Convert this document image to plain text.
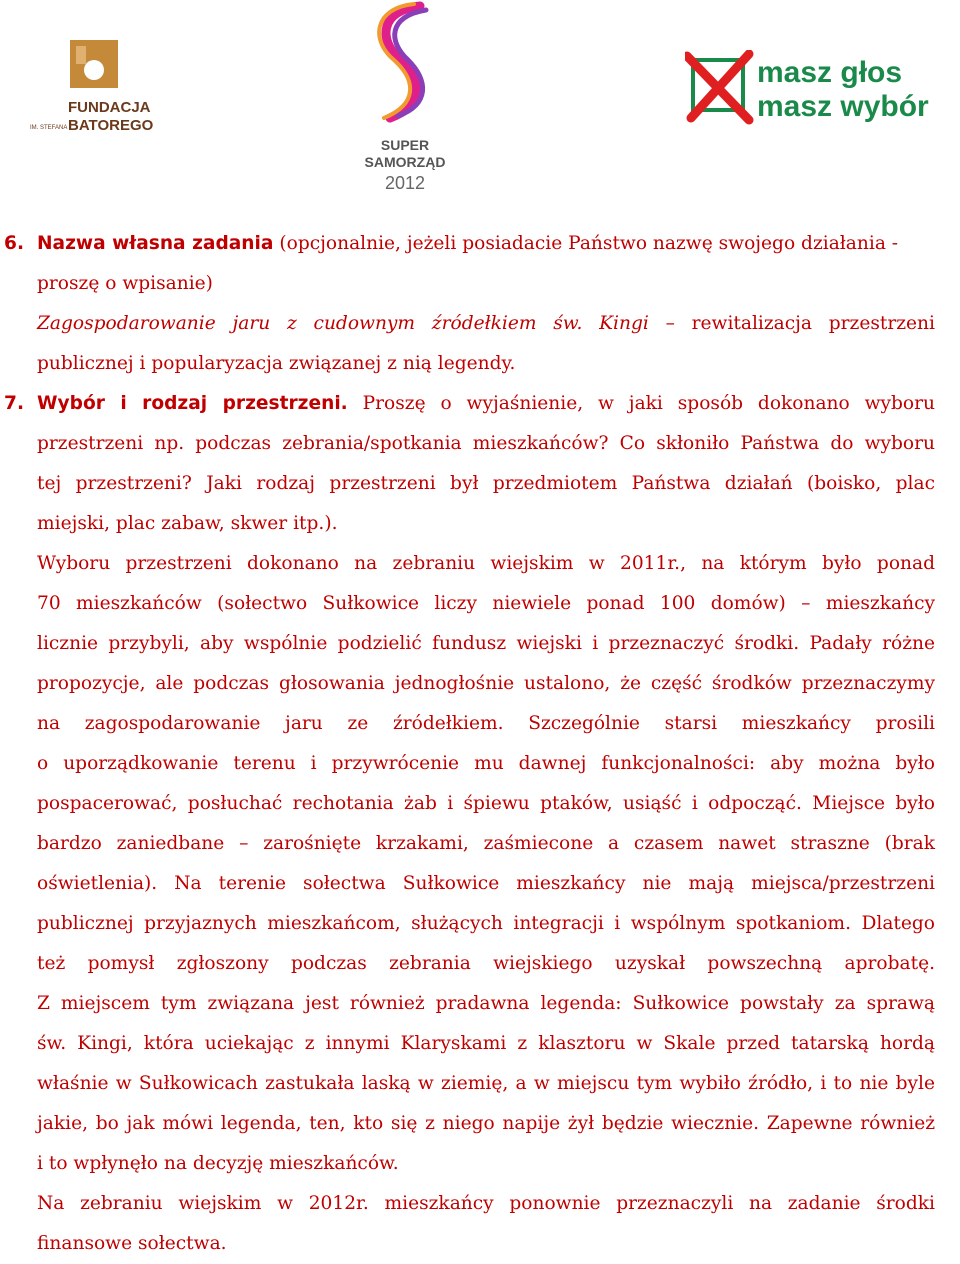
FUNDACJA
BATOREGO
IM. STEFANA
SUPER
SAMORZĄD
2012
masz głos
masz wybór
6. Nazwa własna zadania (opcjonalnie, jeżeli posiadacie Państwo nazwę swojego działania -
proszę o wpisanie)
Zagospodarowanie jaru z cudownym źródełkiem św. Kingi – rewitalizacja przestrzeni
publicznej i popularyzacja związanej z nią legendy.
7. Wybór i rodzaj przestrzeni. Proszę o wyjaśnienie, w jaki sposób dokonano wyboru
przestrzeni np. podczas zebrania/spotkania mieszkańców? Co skłoniło Państwa do wyboru
tej przestrzeni? Jaki rodzaj przestrzeni był przedmiotem Państwa działań (boisko, plac
miejski, plac zabaw, skwer itp.).
Wyboru przestrzeni dokonano na zebraniu wiejskim w 2011r., na którym było ponad
70 mieszkańców (sołectwo Sułkowice liczy niewiele ponad 100 domów) – mieszkańcy
licznie przybyli, aby wspólnie podzielić fundusz wiejski i przeznaczyć środki. Padały różne
propozycje, ale podczas głosowania jednogłośnie ustalono, że część środków przeznaczymy
na zagospodarowanie jaru ze źródełkiem. Szczególnie starsi mieszkańcy prosili
o uporządkowanie terenu i przywrócenie mu dawnej funkcjonalności: aby można było
pospacerować, posłuchać rechotania żab i śpiewu ptaków, usiąść i odpocząć. Miejsce było
bardzo zaniedbane – zarośnięte krzakami, zaśmiecone a czasem nawet straszne (brak
oświetlenia). Na terenie sołectwa Sułkowice mieszkańcy nie mają miejsca/przestrzeni
publicznej przyjaznych mieszkańcom, służących integracji i wspólnym spotkaniom. Dlatego
też pomysł zgłoszony podczas zebrania wiejskiego uzyskał powszechną aprobatę.
Z miejscem tym związana jest również pradawna legenda: Sułkowice powstały za sprawą
św. Kingi, która uciekając z innymi Klaryskami z klasztoru w Skale przed tatarską hordą
właśnie w Sułkowicach zastukała laską w ziemię, a w miejscu tym wybiło źródło, i to nie byle
jakie, bo jak mówi legenda, ten, kto się z niego napije żył będzie wiecznie. Zapewne również
i to wpłynęło na decyzję mieszkańców.
Na zebraniu wiejskim w 2012r. mieszkańcy ponownie przeznaczyli na zadanie środki
finansowe sołectwa.
